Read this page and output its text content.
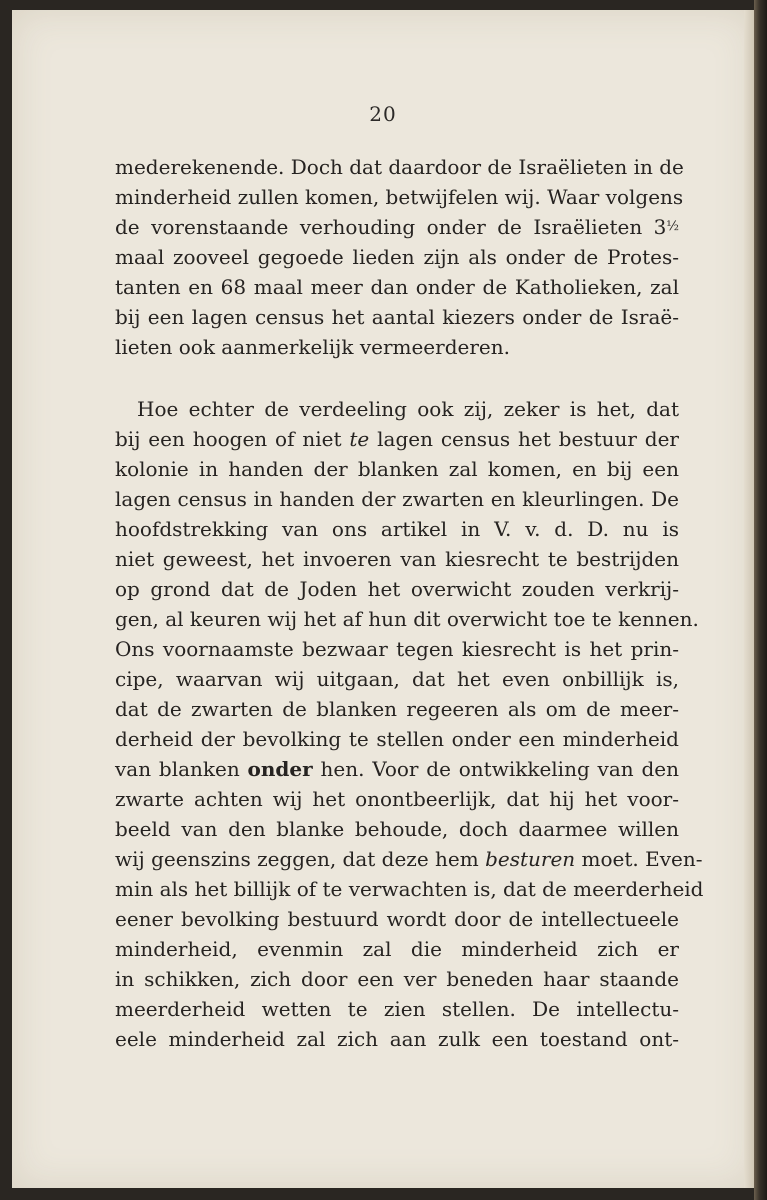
20
mederekenende. Doch dat daardoor de Israëlieten in de
minderheid zullen komen, betwijfelen wij. Waar volgens
de vorenstaande verhouding onder de Israëlieten $3^{\frac{1}{2}}$
maal zooveel gegoede lieden zijn als onder de Protes-
tanten en 68 maal meer dan onder de Katholieken, zal
bij een lagen census het aantal kiezers onder de Israë-
lieten ook aanmerkelijk vermeerderen.
Hoe echter de verdeeling ook zij, zeker is het, dat
bij een hoogen of niet te lagen census het bestuur der
kolonie in handen der blanken zal komen, en bij een
lagen census in handen der zwarten en kleurlingen. De
hoofdstrekking van ons artikel in V. v. d. D. nu is
niet geweest, het invoeren van kiesrecht te bestrijden
op grond dat de Joden het overwicht zouden verkrij-
gen, al keuren wij het af hun dit overwicht toe te kennen.
Ons voornaamste bezwaar tegen kiesrecht is het prin-
cipe, waarvan wij uitgaan, dat het even onbillijk is,
dat de zwarten de blanken regeeren als om de meer-
derheid der bevolking te stellen onder een minderheid
van blanken onder hen. Voor de ontwikkeling van den
zwarte achten wij het onontbeerlijk, dat hij het voor-
beeld van den blanke behoude, doch daarmee willen
wij geenszins zeggen, dat deze hem besturen moet. Even-
min als het billijk of te verwachten is, dat de meerderheid
eener bevolking bestuurd wordt door de intellectueele
minderheid, evenmin zal die minderheid zich er
in schikken, zich door een ver beneden haar staande
meerderheid wetten te zien stellen. De intellectu-
eele minderheid zal zich aan zulk een toestand ont-
